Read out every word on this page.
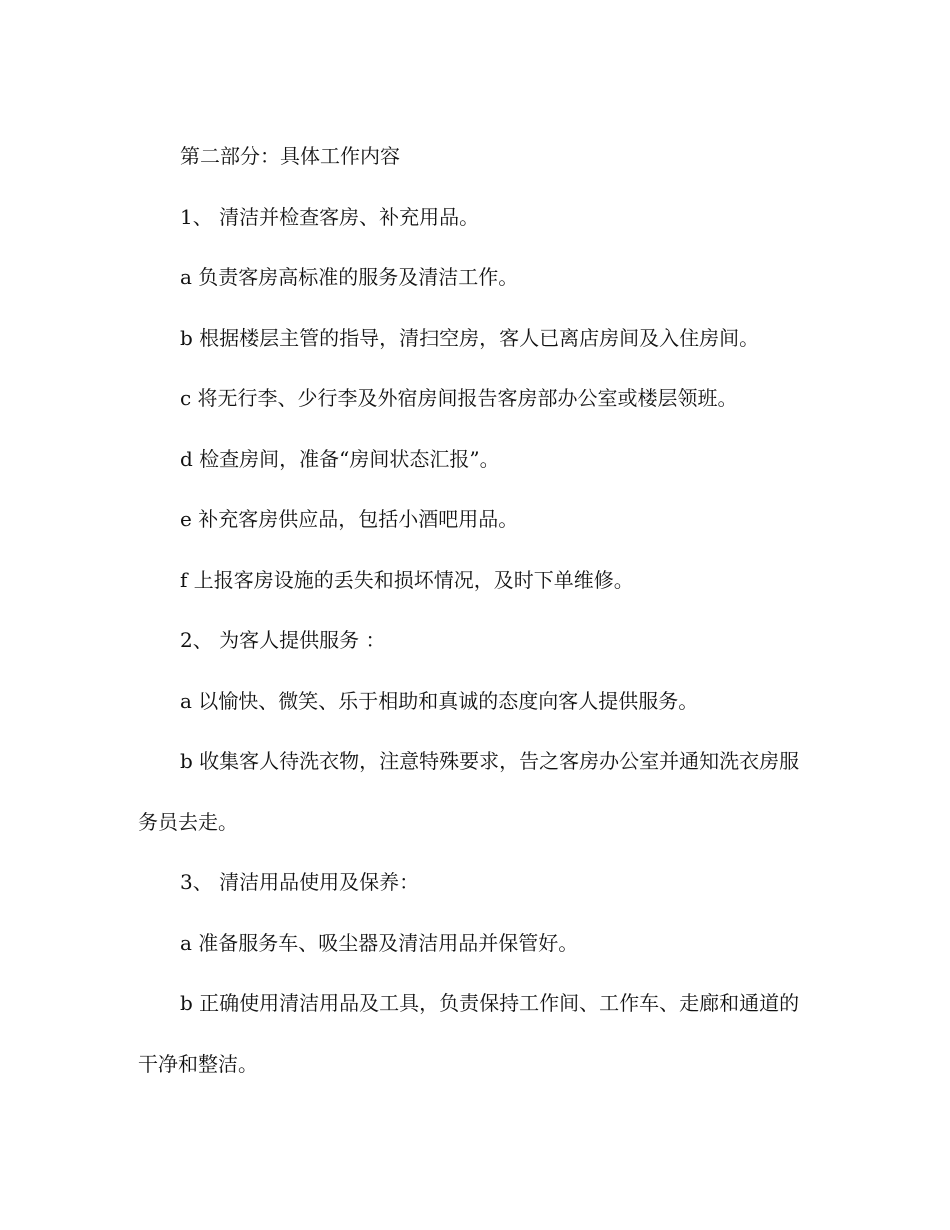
第二部分：具体工作内容

1、 清洁并检查客房、补充用品。

a 负责客房高标准的服务及清洁工作。

b 根据楼层主管的指导，清扫空房，客人已离店房间及入住房间。

c 将无行李、少行李及外宿房间报告客房部办公室或楼层领班。

d 检查房间，准备“房间状态汇报”。

e 补充客房供应品，包括小酒吧用品。

f 上报客房设施的丢失和损坏情况，及时下单维修。

2、 为客人提供服务 ：

a 以愉快、微笑、乐于相助和真诚的态度向客人提供服务。

b 收集客人待洗衣物，注意特殊要求，告之客房办公室并通知洗衣房服务员去走。

3、 清洁用品使用及保养：

a 准备服务车、吸尘器及清洁用品并保管好。

b 正确使用清洁用品及工具，负责保持工作间、工作车、走廊和通道的干净和整洁。
